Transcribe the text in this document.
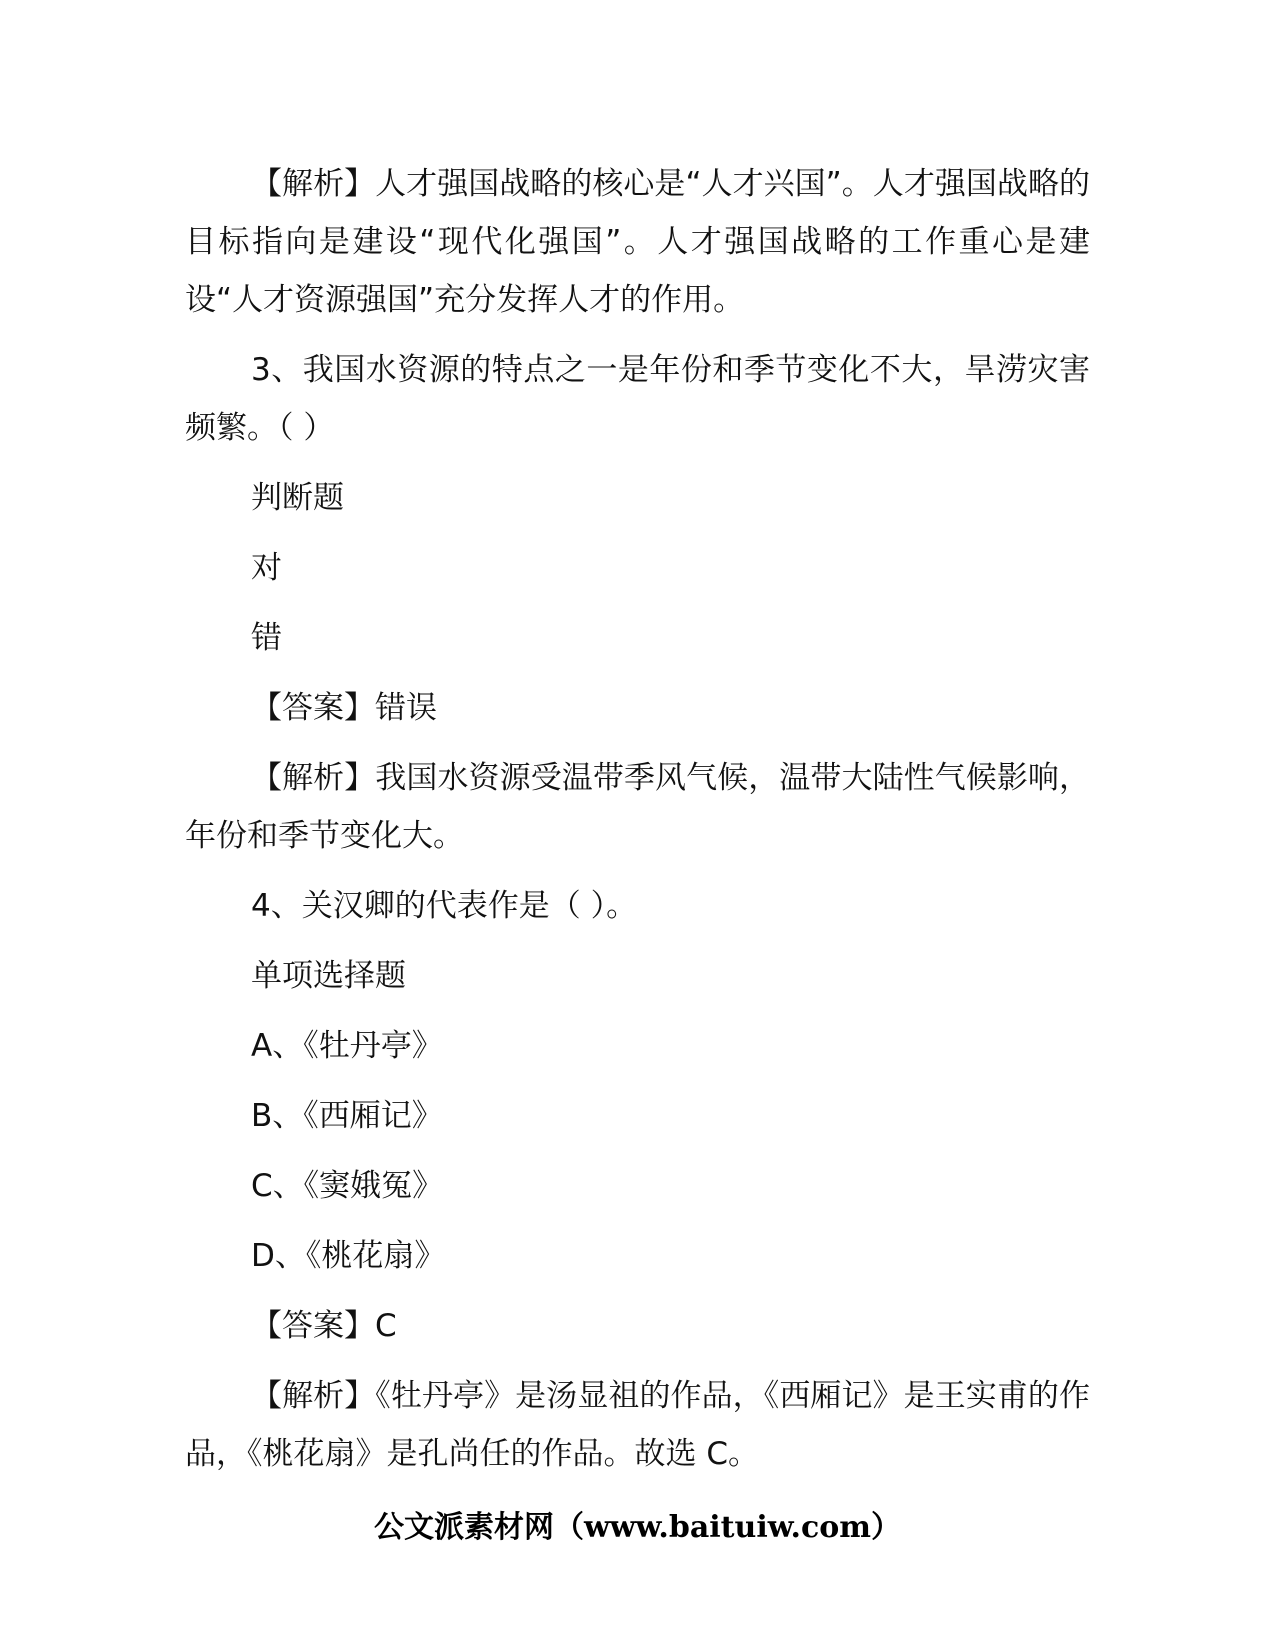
【解析】人才强国战略的核心是“人才兴国”。人才强国战略的目标指向是建设“现代化强国”。人才强国战略的工作重心是建设“人才资源强国”充分发挥人才的作用。

3、我国水资源的特点之一是年份和季节变化不大，旱涝灾害频繁。（ ）

判断题

对

错

【答案】错误

【解析】我国水资源受温带季风气候，温带大陆性气候影响，年份和季节变化大。

4、关汉卿的代表作是（ ）。

单项选择题

A、《牡丹亭》

B、《西厢记》

C、《窦娥冤》

D、《桃花扇》

【答案】C

【解析】《牡丹亭》是汤显祖的作品，《西厢记》是王实甫的作品，《桃花扇》是孔尚任的作品。故选 C。

公文派素材网（www.baituiw.com）
